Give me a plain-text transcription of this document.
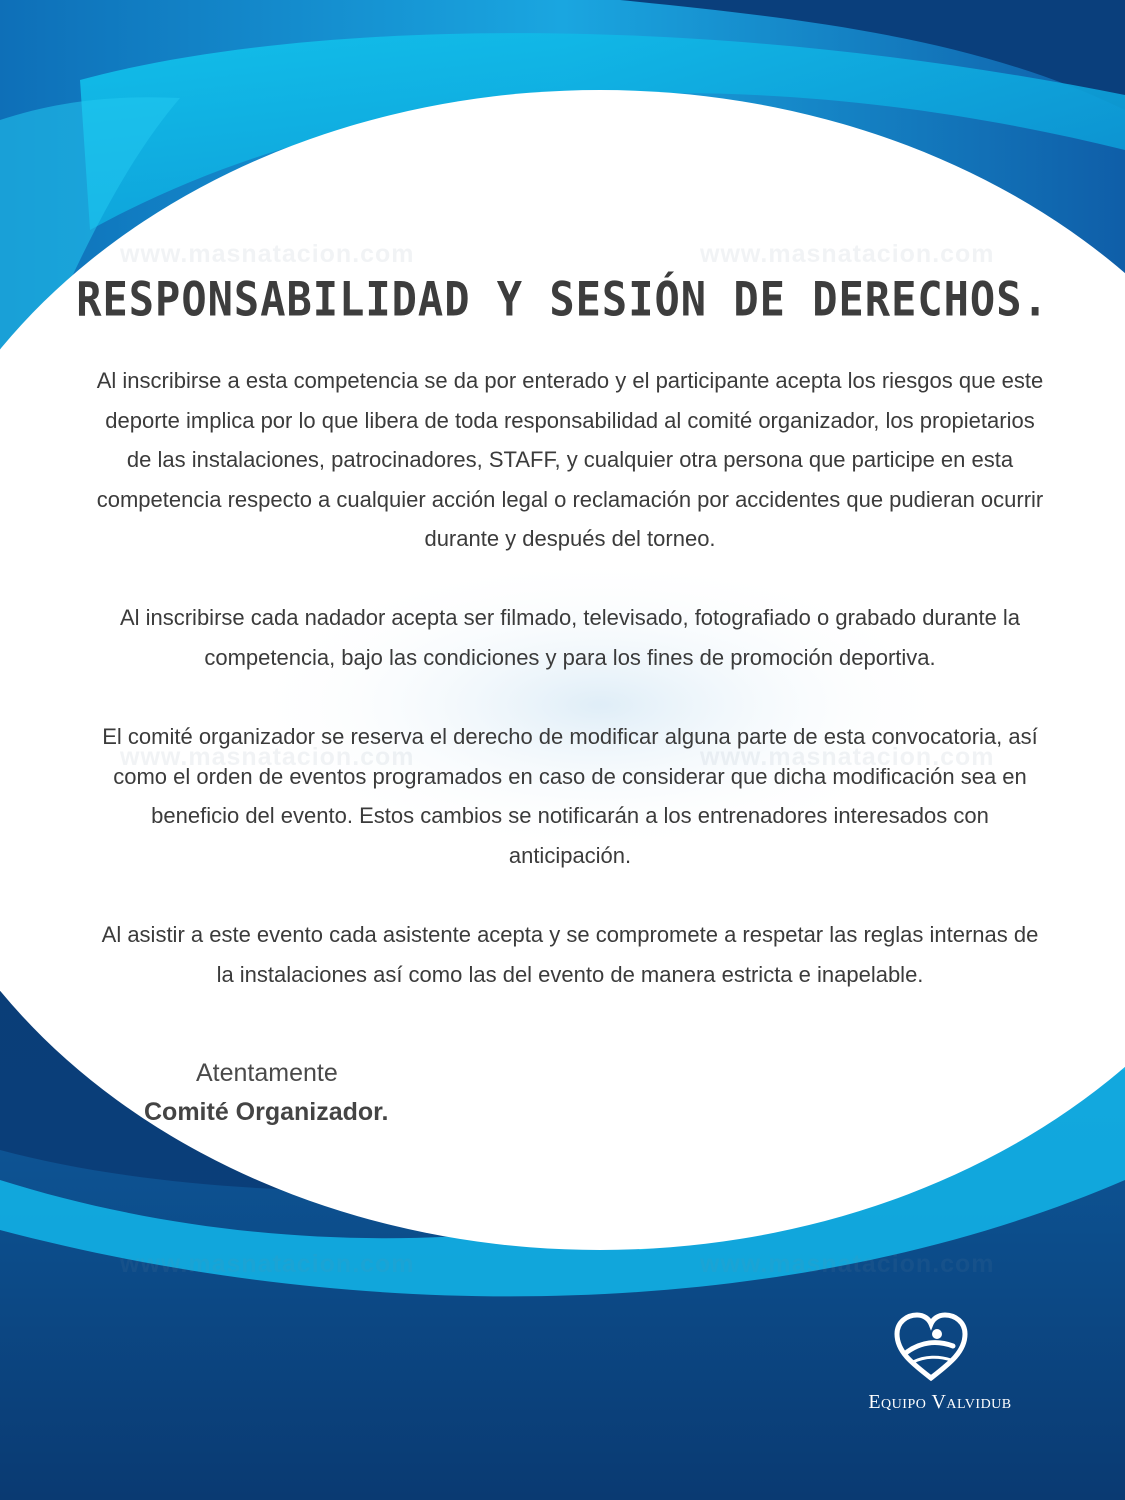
www.masnatacion.com	www.masnatacion.com
www.masnatacion.com	www.masnatacion.com
www.masnatacion.com	www.masnatacion.com
RESPONSABILIDAD Y SESIÓN DE DERECHOS.

Al inscribirse a esta competencia se da por enterado y el participante acepta los riesgos que este deporte implica por lo que libera de toda responsabilidad al comité organizador, los propietarios de las instalaciones, patrocinadores, STAFF, y cualquier otra persona que participe en esta competencia respecto a cualquier acción legal o reclamación por accidentes que pudieran ocurrir durante y después del torneo.

Al inscribirse cada nadador acepta ser filmado, televisado, fotografiado o grabado durante la competencia, bajo las condiciones y para los fines de promoción deportiva.

El comité organizador se reserva el derecho de modificar alguna parte de esta convocatoria, así como el orden de eventos programados en caso de considerar que dicha modificación sea en beneficio del evento. Estos cambios se notificarán a los entrenadores interesados con anticipación.

Al asistir a este evento cada asistente acepta y se compromete a respetar las reglas internas de la instalaciones así como las del evento de manera estricta e inapelable.

Atentamente
Comité Organizador.
Equipo Valvidub
